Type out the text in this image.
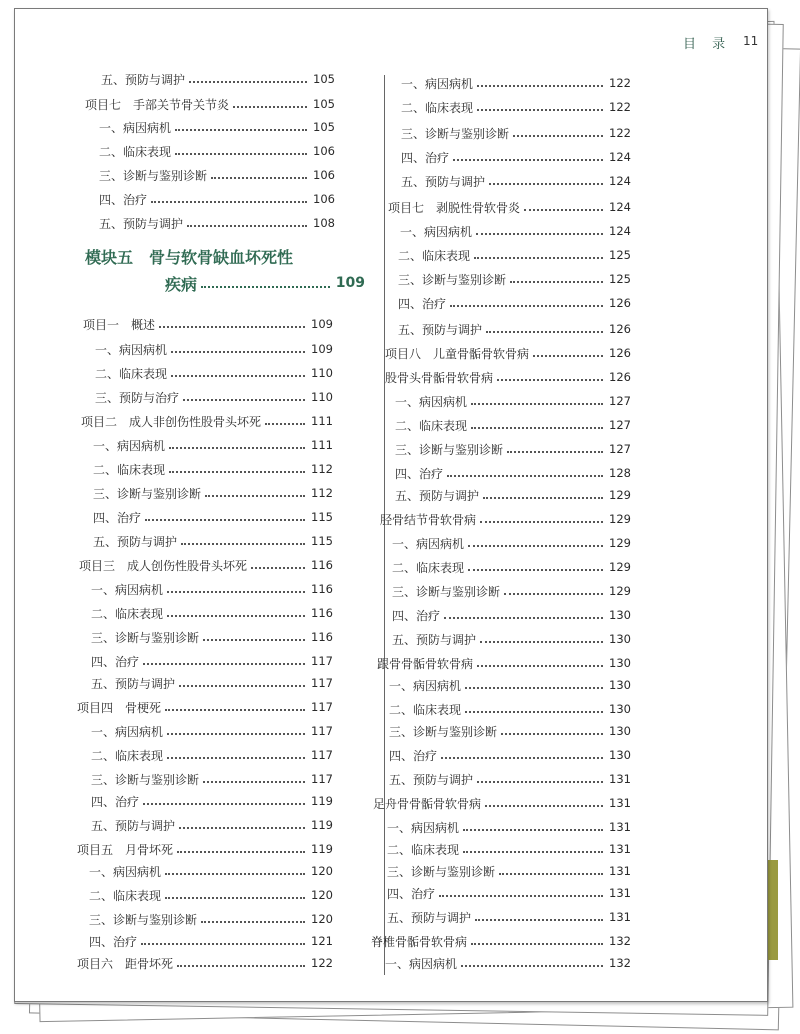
目 录 11
五、预防与调护	105
项目七　手部关节骨关节炎	105
一、病因病机	105
二、临床表现	106
三、诊断与鉴别诊断	106
四、治疗	106
五、预防与调护	108
项目一　概述	109
一、病因病机	109
二、临床表现	110
三、预防与治疗	110
项目二　成人非创伤性股骨头坏死	111
一、病因病机	111
二、临床表现	112
三、诊断与鉴别诊断	112
四、治疗	115
五、预防与调护	115
项目三　成人创伤性股骨头坏死	116
一、病因病机	116
二、临床表现	116
三、诊断与鉴别诊断	116
四、治疗	117
五、预防与调护	117
项目四　骨梗死	117
一、病因病机	117
二、临床表现	117
三、诊断与鉴别诊断	117
四、治疗	119
五、预防与调护	119
项目五　月骨坏死	119
一、病因病机	120
二、临床表现	120
三、诊断与鉴别诊断	120
四、治疗	121
项目六　距骨坏死	122
模块五　骨与软骨缺血坏死性
疾病	109
一、病因病机	122
二、临床表现	122
三、诊断与鉴别诊断	122
四、治疗	124
五、预防与调护	124
项目七　剥脱性骨软骨炎	124
一、病因病机	124
二、临床表现	125
三、诊断与鉴别诊断	125
四、治疗	126
五、预防与调护	126
项目八　儿童骨骺骨软骨病	126
股骨头骨骺骨软骨病	126
一、病因病机	127
二、临床表现	127
三、诊断与鉴别诊断	127
四、治疗	128
五、预防与调护	129
胫骨结节骨软骨病	129
一、病因病机	129
二、临床表现	129
三、诊断与鉴别诊断	129
四、治疗	130
五、预防与调护	130
跟骨骨骺骨软骨病	130
一、病因病机	130
二、临床表现	130
三、诊断与鉴别诊断	130
四、治疗	130
五、预防与调护	131
足舟骨骨骺骨软骨病	131
一、病因病机	131
二、临床表现	131
三、诊断与鉴别诊断	131
四、治疗	131
五、预防与调护	131
脊椎骨骺骨软骨病	132
一、病因病机	132
